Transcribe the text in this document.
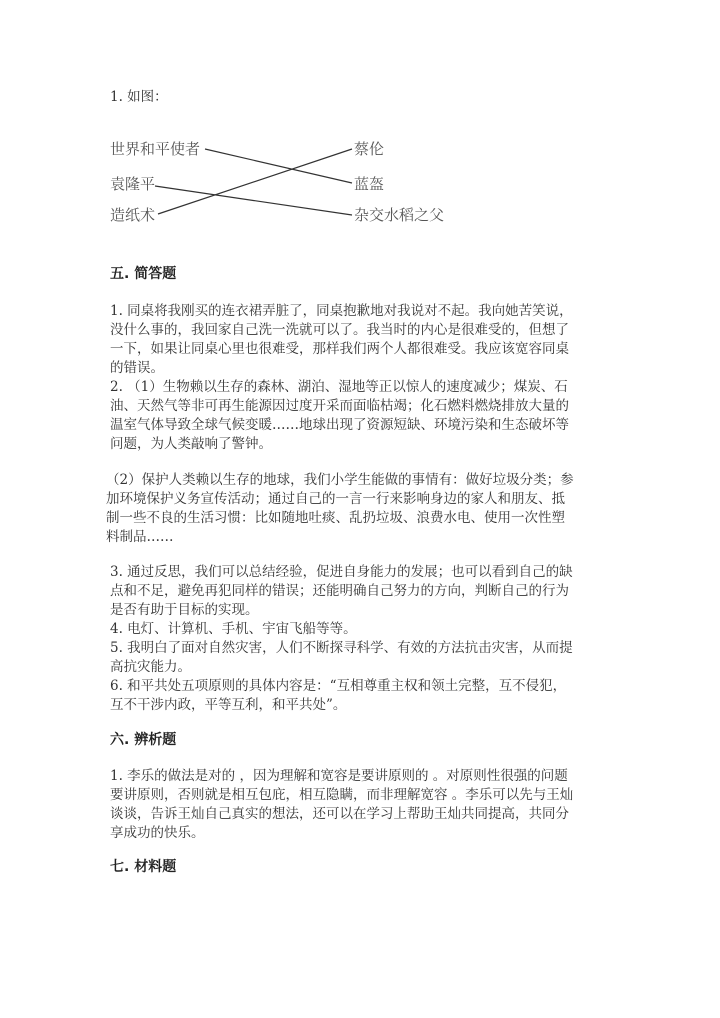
1. 如图：
世界和平使者
袁隆平
造纸术
蔡伦
蓝盔
杂交水稻之父
五. 简答题
1. 同桌将我刚买的连衣裙弄脏了，同桌抱歉地对我说对不起。我向她苦笑说，
没什么事的，我回家自己洗一洗就可以了。我当时的内心是很难受的，但想了
一下，如果让同桌心里也很难受，那样我们两个人都很难受。我应该宽容同桌
的错误。
2. （1）生物赖以生存的森林、湖泊、湿地等正以惊人的速度减少；煤炭、石
油、天然气等非可再生能源因过度开采而面临枯竭；化石燃料燃烧排放大量的
温室气体导致全球气候变暖……地球出现了资源短缺、环境污染和生态破坏等
问题，为人类敲响了警钟。
（2）保护人类赖以生存的地球，我们小学生能做的事情有：做好垃圾分类；参
加环境保护义务宣传活动；通过自己的一言一行来影响身边的家人和朋友、抵
制一些不良的生活习惯：比如随地吐痰、乱扔垃圾、浪费水电、使用一次性塑
料制品……
3. 通过反思，我们可以总结经验，促进自身能力的发展；也可以看到自己的缺
点和不足，避免再犯同样的错误；还能明确自己努力的方向，判断自己的行为
是否有助于目标的实现。
4. 电灯、计算机、手机、宇宙飞船等等。
5. 我明白了面对自然灾害，人们不断探寻科学、有效的方法抗击灾害，从而提
高抗灾能力。
6. 和平共处五项原则的具体内容是：“互相尊重主权和领土完整，互不侵犯，
互不干涉内政，平等互利，和平共处”。
六. 辨析题
1. 李乐的做法是对的 ，因为理解和宽容是要讲原则的 。对原则性很强的问题
要讲原则，否则就是相互包庇，相互隐瞒，而非理解宽容 。李乐可以先与王灿
谈谈，告诉王灿自己真实的想法，还可以在学习上帮助王灿共同提高，共同分
享成功的快乐。
七. 材料题
